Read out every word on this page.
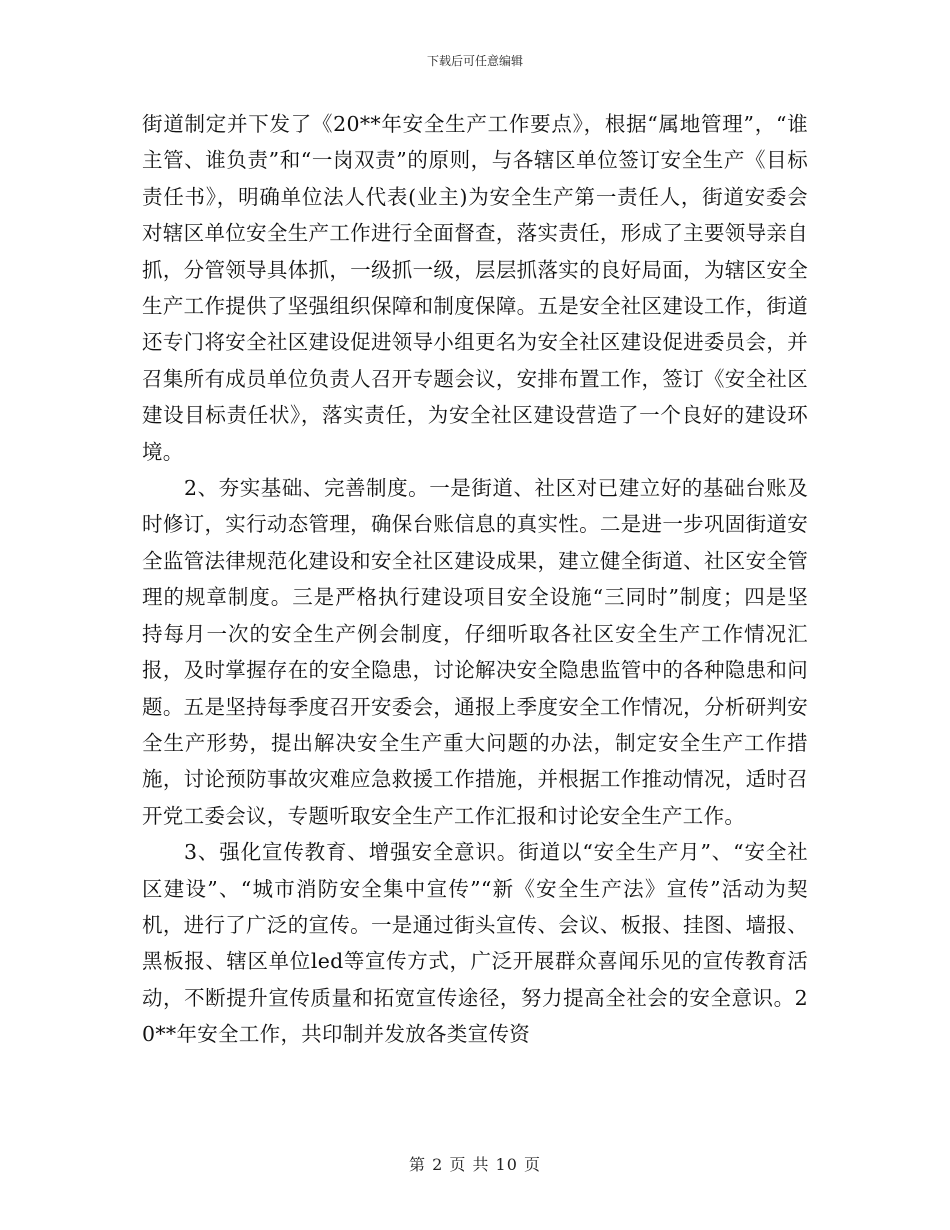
下载后可任意编辑

街道制定并下发了《20**年安全生产工作要点》，根据“属地管理”，“谁主管、谁负责”和“一岗双责”的原则，与各辖区单位签订安全生产《目标责任书》，明确单位法人代表(业主)为安全生产第一责任人，街道安委会对辖区单位安全生产工作进行全面督查，落实责任，形成了主要领导亲自抓，分管领导具体抓，一级抓一级，层层抓落实的良好局面，为辖区安全生产工作提供了坚强组织保障和制度保障。五是安全社区建设工作，街道还专门将安全社区建设促进领导小组更名为安全社区建设促进委员会，并召集所有成员单位负责人召开专题会议，安排布置工作，签订《安全社区建设目标责任状》，落实责任，为安全社区建设营造了一个良好的建设环境。

2、夯实基础、完善制度。一是街道、社区对已建立好的基础台账及时修订，实行动态管理，确保台账信息的真实性。二是进一步巩固街道安全监管法律规范化建设和安全社区建设成果，建立健全街道、社区安全管理的规章制度。三是严格执行建设项目安全设施“三同时”制度；四是坚持每月一次的安全生产例会制度，仔细听取各社区安全生产工作情况汇报，及时掌握存在的安全隐患，讨论解决安全隐患监管中的各种隐患和问题。五是坚持每季度召开安委会，通报上季度安全工作情况，分析研判安全生产形势，提出解决安全生产重大问题的办法，制定安全生产工作措施，讨论预防事故灾难应急救援工作措施，并根据工作推动情况，适时召开党工委会议，专题听取安全生产工作汇报和讨论安全生产工作。

3、强化宣传教育、增强安全意识。街道以“安全生产月”、“安全社区建设”、“城市消防安全集中宣传”“新《安全生产法》宣传”活动为契机，进行了广泛的宣传。一是通过街头宣传、会议、板报、挂图、墙报、黑板报、辖区单位led等宣传方式，广泛开展群众喜闻乐见的宣传教育活动，不断提升宣传质量和拓宽宣传途径，努力提高全社会的安全意识。20**年安全工作，共印制并发放各类宣传资

第 2 页 共 10 页
